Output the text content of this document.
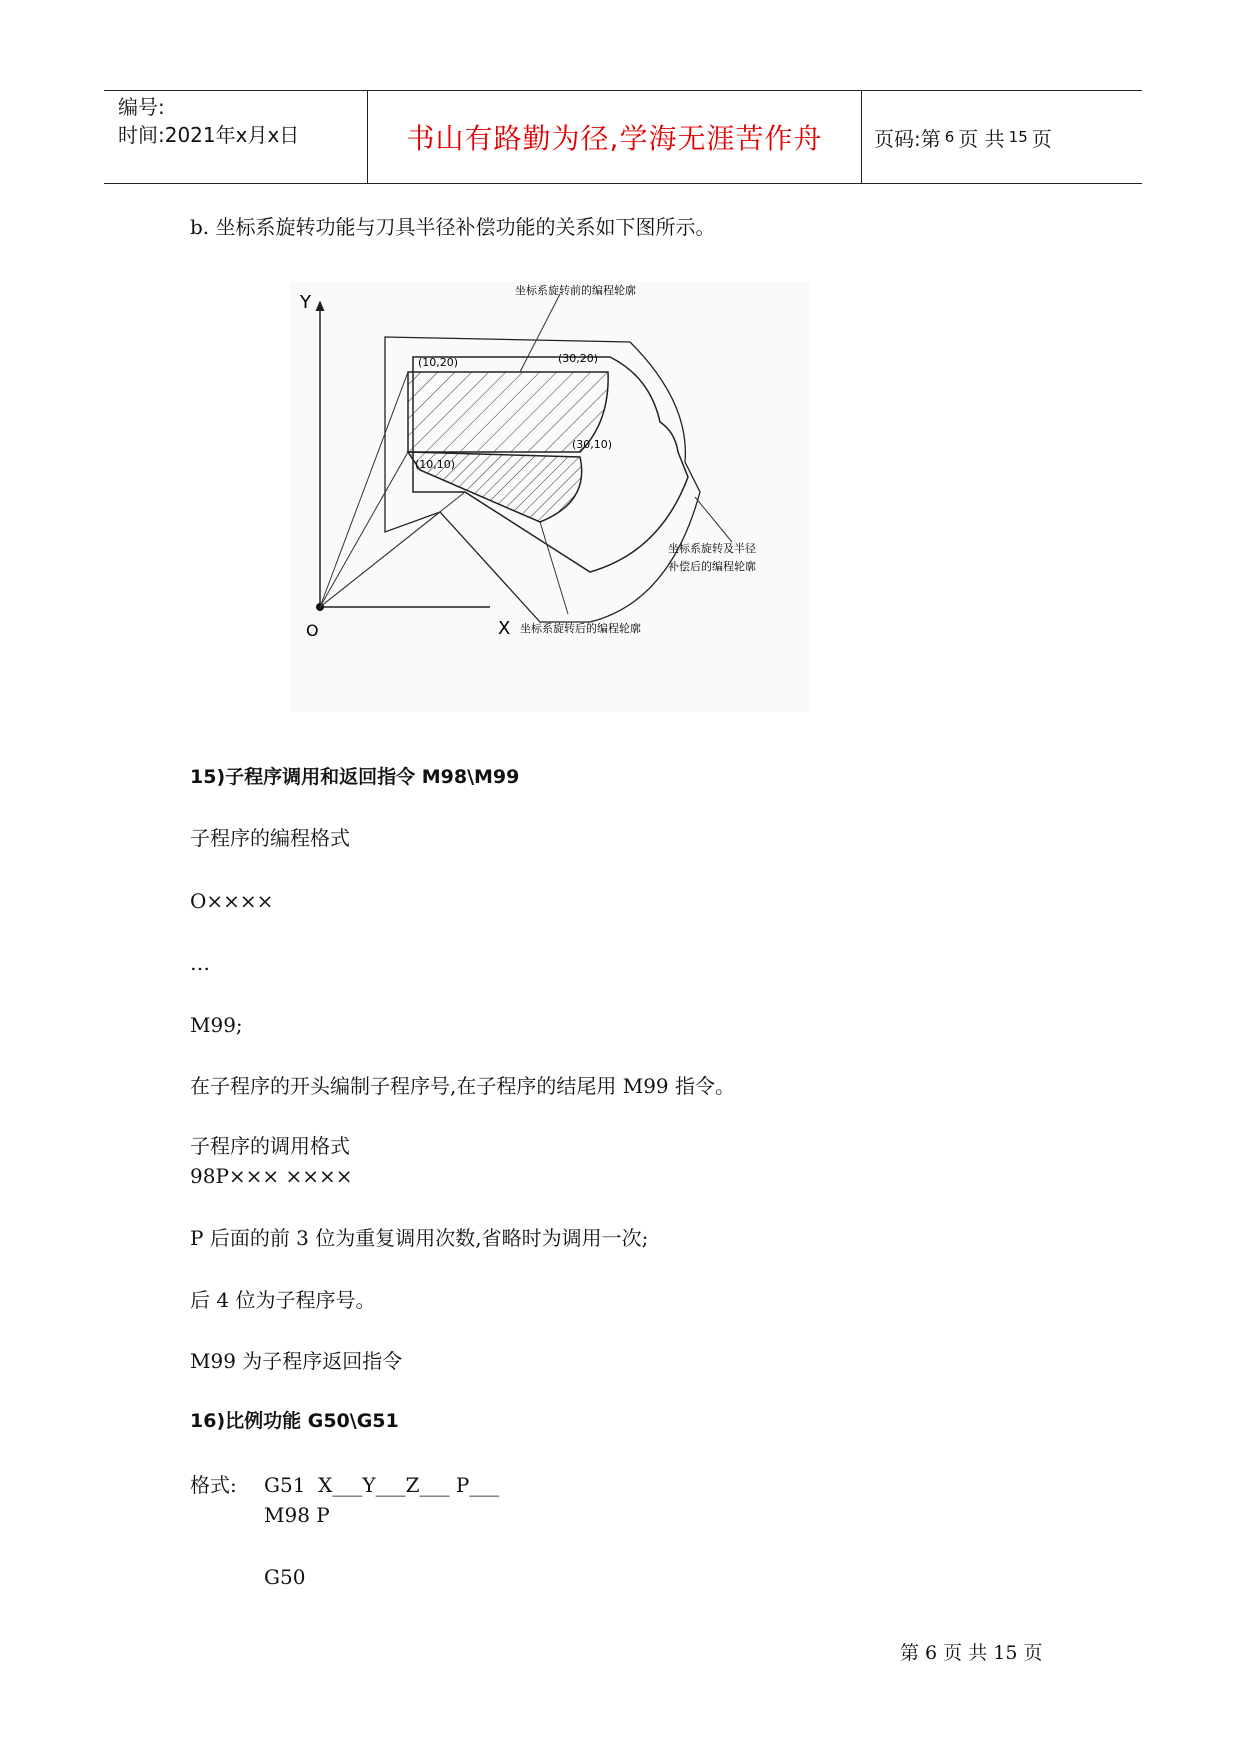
编号:
时间:2021年x月x日	书山有路勤为径,学海无涯苦作舟	页码:第 6 页 共 15 页
b. 坐标系旋转功能与刀具半径补偿功能的关系如下图所示。
Y
X
O
坐标系旋转前的编程轮廓
(10,20)	(30,20)
(10,10)
(30,10)
坐标系旋转及半径
补偿后的编程轮廓
坐标系旋转后的编程轮廓
15)子程序调用和返回指令 M98\M99
子程序的编程格式
O××××
…
M99;
在子程序的开头编制子程序号,在子程序的结尾用 M99 指令。
子程序的调用格式
98P××× ××××
P 后面的前 3 位为重复调用次数,省略时为调用一次;
后 4 位为子程序号。
M99 为子程序返回指令
16)比例功能 G50\G51
格式: G51  X___Y___Z___ P___
M98 P
G50
第 6 页 共 15 页
